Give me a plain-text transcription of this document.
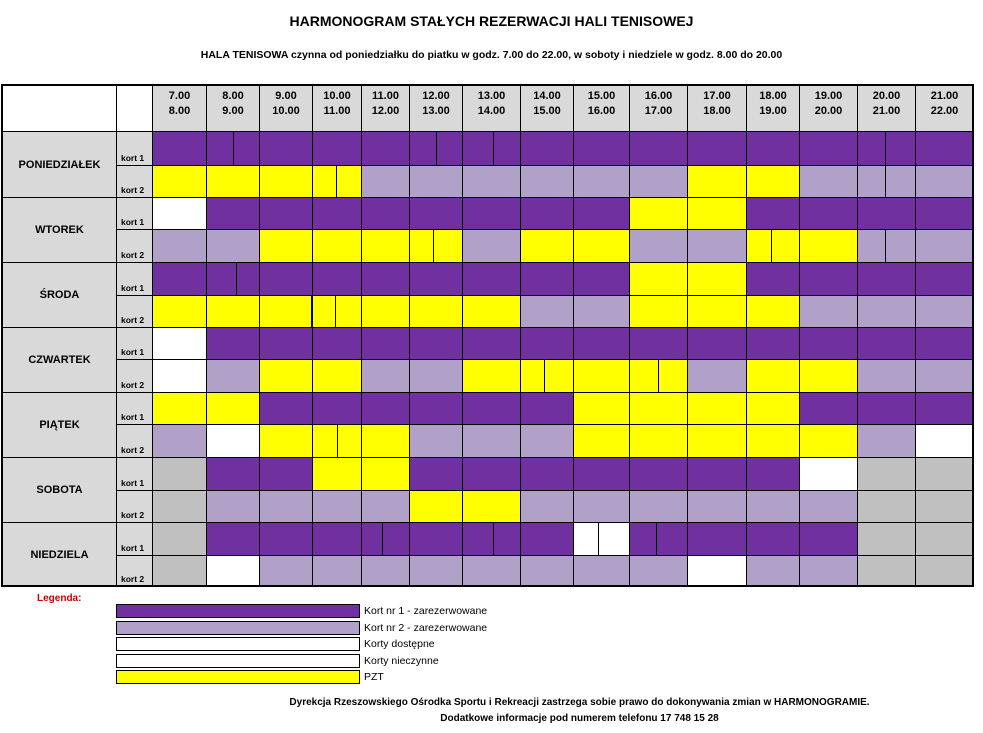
HARMONOGRAM STAŁYCH REZERWACJI HALI TENISOWEJ
HALA TENISOWA czynna od poniedziałku do piatku w godz. 7.00 do 22.00, w soboty i niedziele w godz. 8.00 do 20.00
7.00
8.00
8.00
9.00
9.00
10.00
10.00
11.00
11.00
12.00
12.00
13.00
13.00
14.00
14.00
15.00
15.00
16.00
16.00
17.00
17.00
18.00
18.00
19.00
19.00
20.00
20.00
21.00
21.00
22.00
PONIEDZIAŁEK
kort 1
kort 2
WTOREK
kort 1
kort 2
ŚRODA
kort 1
kort 2
CZWARTEK
kort 1
kort 2
PIĄTEK
kort 1
kort 2
SOBOTA
kort 1
kort 2
NIEDZIELA
kort 1
kort 2
Legenda:
Kort nr 1 - zarezerwowane
Kort nr 2 - zarezerwowane
Korty dostępne
Korty nieczynne
PZT
Dyrekcja Rzeszowskiego Ośrodka Sportu i Rekreacji zastrzega sobie prawo do dokonywania zmian w HARMONOGRAMIE.
Dodatkowe informacje pod numerem telefonu 17 748 15 28
